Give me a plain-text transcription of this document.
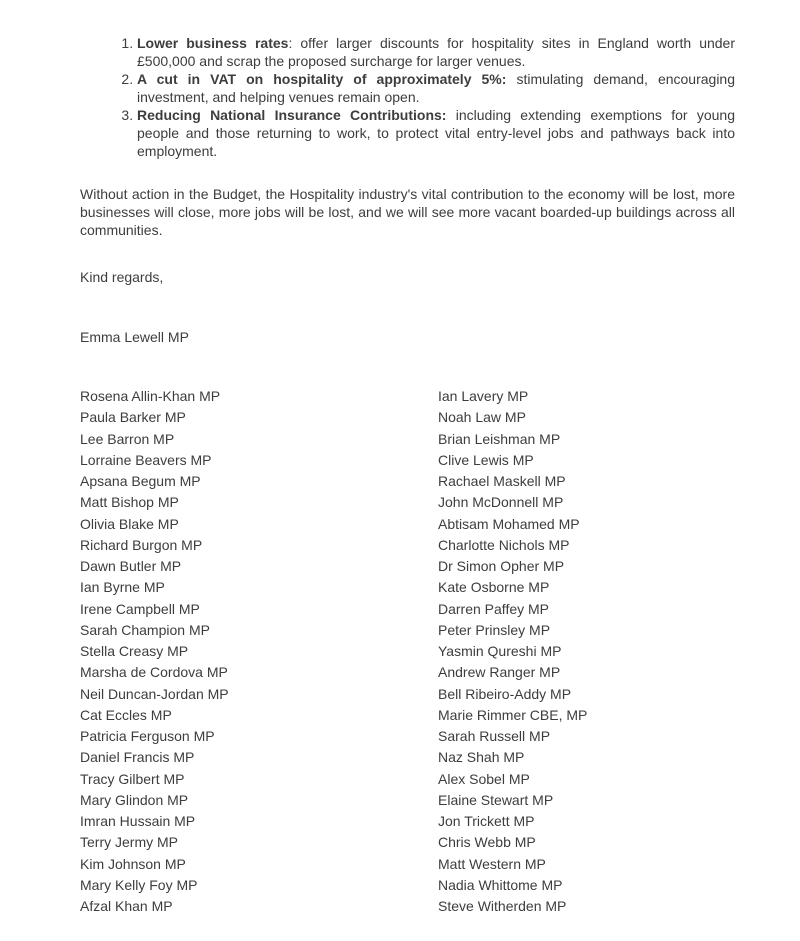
1. Lower business rates: offer larger discounts for hospitality sites in England worth under £500,000 and scrap the proposed surcharge for larger venues.
2. A cut in VAT on hospitality of approximately 5%: stimulating demand, encouraging investment, and helping venues remain open.
3. Reducing National Insurance Contributions: including extending exemptions for young people and those returning to work, to protect vital entry-level jobs and pathways back into employment.

Without action in the Budget, the Hospitality industry's vital contribution to the economy will be lost, more businesses will close, more jobs will be lost, and we will see more vacant boarded-up buildings across all communities.

Kind regards,

Emma Lewell MP

Rosena Allin-Khan MP
Paula Barker MP
Lee Barron MP
Lorraine Beavers MP
Apsana Begum MP
Matt Bishop MP
Olivia Blake MP
Richard Burgon MP
Dawn Butler MP
Ian Byrne MP
Irene Campbell MP
Sarah Champion MP
Stella Creasy MP
Marsha de Cordova MP
Neil Duncan-Jordan MP
Cat Eccles MP
Patricia Ferguson MP
Daniel Francis MP
Tracy Gilbert MP
Mary Glindon MP
Imran Hussain MP
Terry Jermy MP
Kim Johnson MP
Mary Kelly Foy MP
Afzal Khan MP
Ian Lavery MP
Noah Law MP
Brian Leishman MP
Clive Lewis MP
Rachael Maskell MP
John McDonnell MP
Abtisam Mohamed MP
Charlotte Nichols MP
Dr Simon Opher MP
Kate Osborne MP
Darren Paffey MP
Peter Prinsley MP
Yasmin Qureshi MP
Andrew Ranger MP
Bell Ribeiro-Addy MP
Marie Rimmer CBE, MP
Sarah Russell MP
Naz Shah MP
Alex Sobel MP
Elaine Stewart MP
Jon Trickett MP
Chris Webb MP
Matt Western MP
Nadia Whittome MP
Steve Witherden MP
